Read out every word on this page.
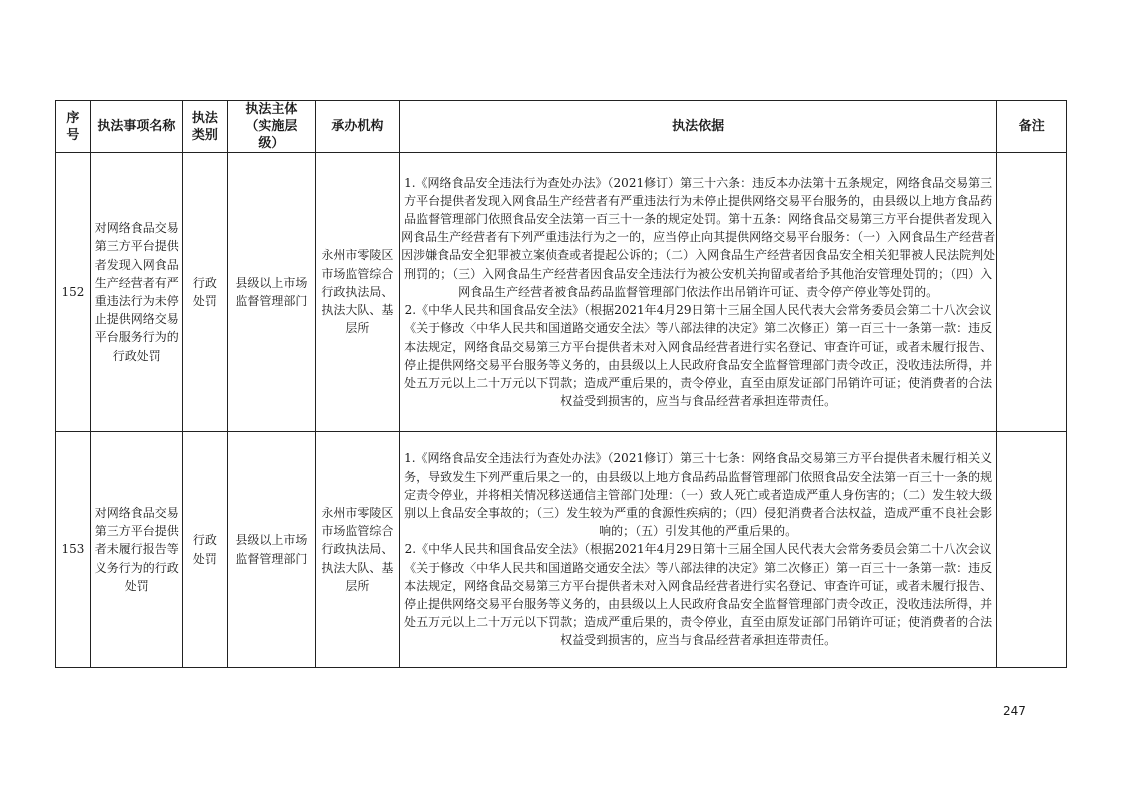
序号	执法事项名称	执法类别	执法主体（实施层级）	承办机构	执法依据	备注
152	对网络食品交易第三方平台提供者发现入网食品生产经营者有严重违法行为未停止提供网络交易平台服务行为的行政处罚	行政处罚	县级以上市场监督管理部门	永州市零陵区市场监管综合行政执法局、执法大队、基层所	1.《网络食品安全违法行为查处办法》（2021修订）第三十六条：违反本办法第十五条规定，网络食品交易第三方平台提供者发现入网食品生产经营者有严重违法行为未停止提供网络交易平台服务的，由县级以上地方食品药品监督管理部门依照食品安全法第一百三十一条的规定处罚。第十五条：网络食品交易第三方平台提供者发现入网食品生产经营者有下列严重违法行为之一的，应当停止向其提供网络交易平台服务：（一）入网食品生产经营者因涉嫌食品安全犯罪被立案侦查或者提起公诉的；（二）入网食品生产经营者因食品安全相关犯罪被人民法院判处刑罚的；（三）入网食品生产经营者因食品安全违法行为被公安机关拘留或者给予其他治安管理处罚的；（四）入网食品生产经营者被食品药品监督管理部门依法作出吊销许可证、责令停产停业等处罚的。

2.《中华人民共和国食品安全法》（根据2021年4月29日第十三届全国人民代表大会常务委员会第二十八次会议《关于修改〈中华人民共和国道路交通安全法〉等八部法律的决定》第二次修正）第一百三十一条第一款：违反本法规定，网络食品交易第三方平台提供者未对入网食品经营者进行实名登记、审查许可证，或者未履行报告、停止提供网络交易平台服务等义务的，由县级以上人民政府食品安全监督管理部门责令改正，没收违法所得，并处五万元以上二十万元以下罚款；造成严重后果的，责令停业，直至由原发证部门吊销许可证；使消费者的合法权益受到损害的，应当与食品经营者承担连带责任。	

153	对网络食品交易第三方平台提供者未履行报告等义务行为的行政处罚	行政处罚	县级以上市场监督管理部门	永州市零陵区市场监管综合行政执法局、执法大队、基层所	1.《网络食品安全违法行为查处办法》（2021修订）第三十七条：网络食品交易第三方平台提供者未履行相关义务，导致发生下列严重后果之一的，由县级以上地方食品药品监督管理部门依照食品安全法第一百三十一条的规定责令停业，并将相关情况移送通信主管部门处理：（一）致人死亡或者造成严重人身伤害的；（二）发生较大级别以上食品安全事故的；（三）发生较为严重的食源性疾病的；（四）侵犯消费者合法权益，造成严重不良社会影响的；（五）引发其他的严重后果的。

2.《中华人民共和国食品安全法》（根据2021年4月29日第十三届全国人民代表大会常务委员会第二十八次会议《关于修改〈中华人民共和国道路交通安全法〉等八部法律的决定》第二次修正）第一百三十一条第一款：违反本法规定，网络食品交易第三方平台提供者未对入网食品经营者进行实名登记、审查许可证，或者未履行报告、停止提供网络交易平台服务等义务的，由县级以上人民政府食品安全监督管理部门责令改正，没收违法所得，并处五万元以上二十万元以下罚款；造成严重后果的，责令停业，直至由原发证部门吊销许可证；使消费者的合法权益受到损害的，应当与食品经营者承担连带责任。	

247
